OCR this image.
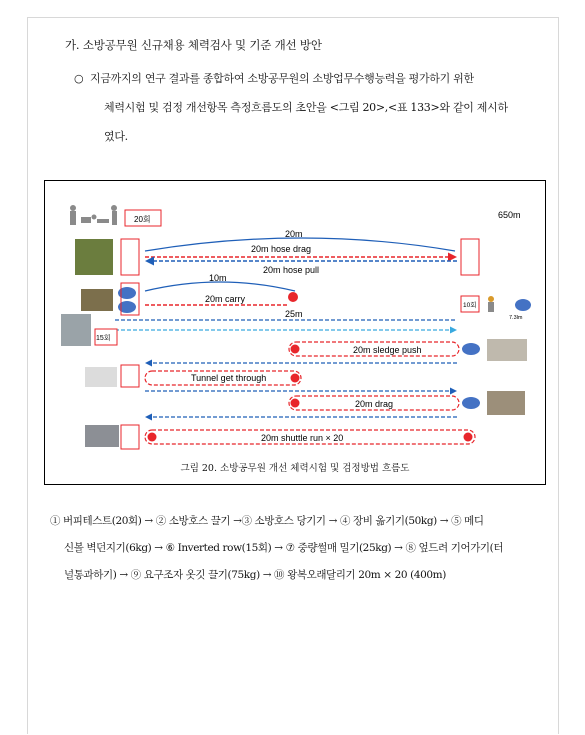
가. 소방공무원 신규채용 체력검사 및 기준 개선 방안
○ 지금까지의 연구 결과를 종합하여 소방공무원의 소방업무수행능력을 평가하기 위한
체력시험 및 검정 개선항목 측정흐름도의 초안을 <그림 20>,<표 133>와 같이 제시하
였다.
20회	650m
20m
20m hose drag
20m hose pull
10m
20m carry
10회
7.3lm
25m
15회
20m sledge push
Tunnel get through
20m drag
20m shuttle run × 20
그림 20. 소방공무원 개선 체력시험 및 검정방법 흐름도
① 버피테스트(20회) → ② 소방호스 끌기 →③ 소방호스 당기기 → ④ 장비 옮기기(50kg) → ⑤ 메디
신볼 벽던지기(6kg) → ⑥ Inverted row(15회) → ⑦ 중량썰매 밀기(25kg) → ⑧ 엎드려 기어가기(터
널통과하기) → ⑨ 요구조자 옷깃 끌기(75kg) → ⑩ 왕복오래달리기 20m × 20 (400m)
